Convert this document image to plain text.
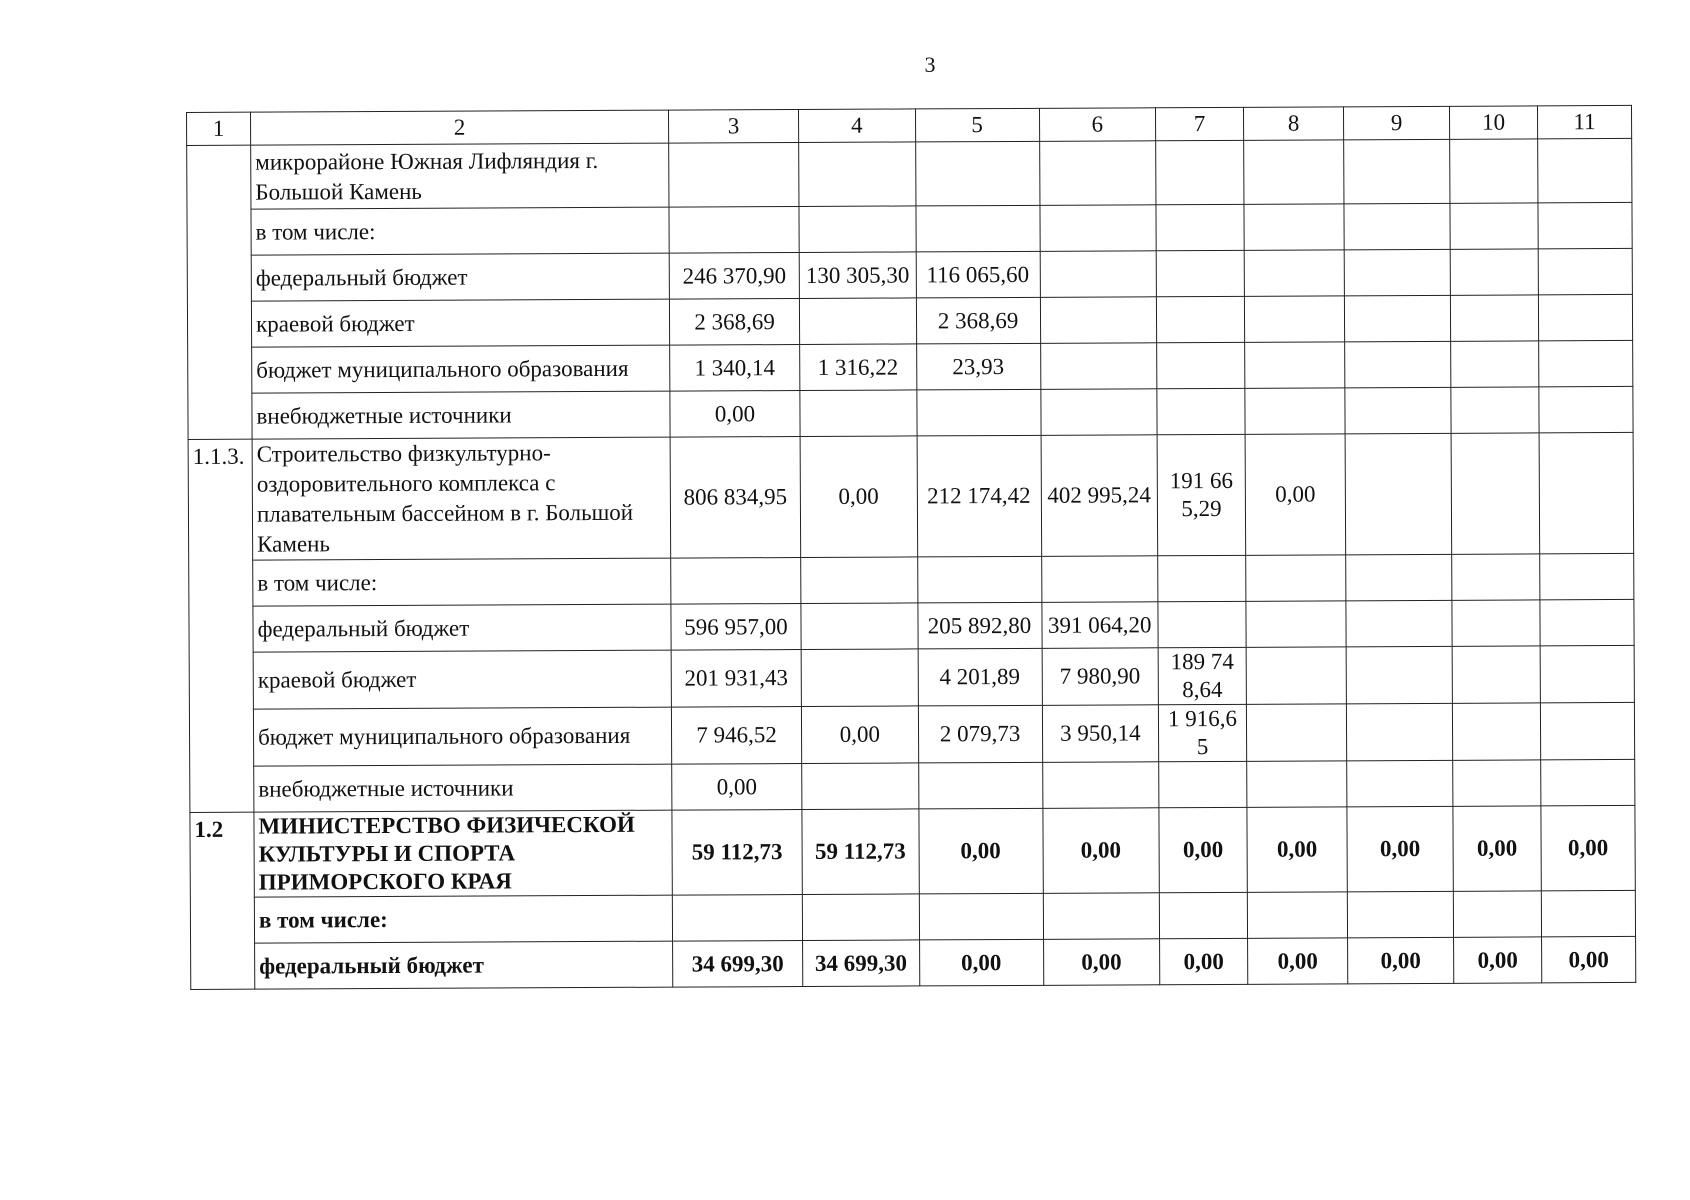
3
1	2	3	4	5	6	7	8	9	10	11
	микрорайоне Южная Лифляндия г. Большой Камень									
	в том числе:									
	федеральный бюджет	246 370,90	130 305,30	116 065,60						
	краевой бюджет	2 368,69		2 368,69						
	бюджет муниципального образования	1 340,14	1 316,22	23,93						
	внебюджетные источники	0,00								
1.1.3.	Строительство физкультурно-оздоровительного комплекса с плавательным бассейном в г. Большой Камень	806 834,95	0,00	212 174,42	402 995,24	191 665,29	0,00			
	в том числе:									
	федеральный бюджет	596 957,00		205 892,80	391 064,20					
	краевой бюджет	201 931,43		4 201,89	7 980,90	189 748,64				
	бюджет муниципального образования	7 946,52	0,00	2 079,73	3 950,14	1 916,65				
	внебюджетные источники	0,00								
1.2	МИНИСТЕРСТВО ФИЗИЧЕСКОЙ КУЛЬТУРЫ И СПОРТА ПРИМОРСКОГО КРАЯ	59 112,73	59 112,73	0,00	0,00	0,00	0,00	0,00	0,00	0,00
	в том числе:									
	федеральный бюджет	34 699,30	34 699,30	0,00	0,00	0,00	0,00	0,00	0,00	0,00
